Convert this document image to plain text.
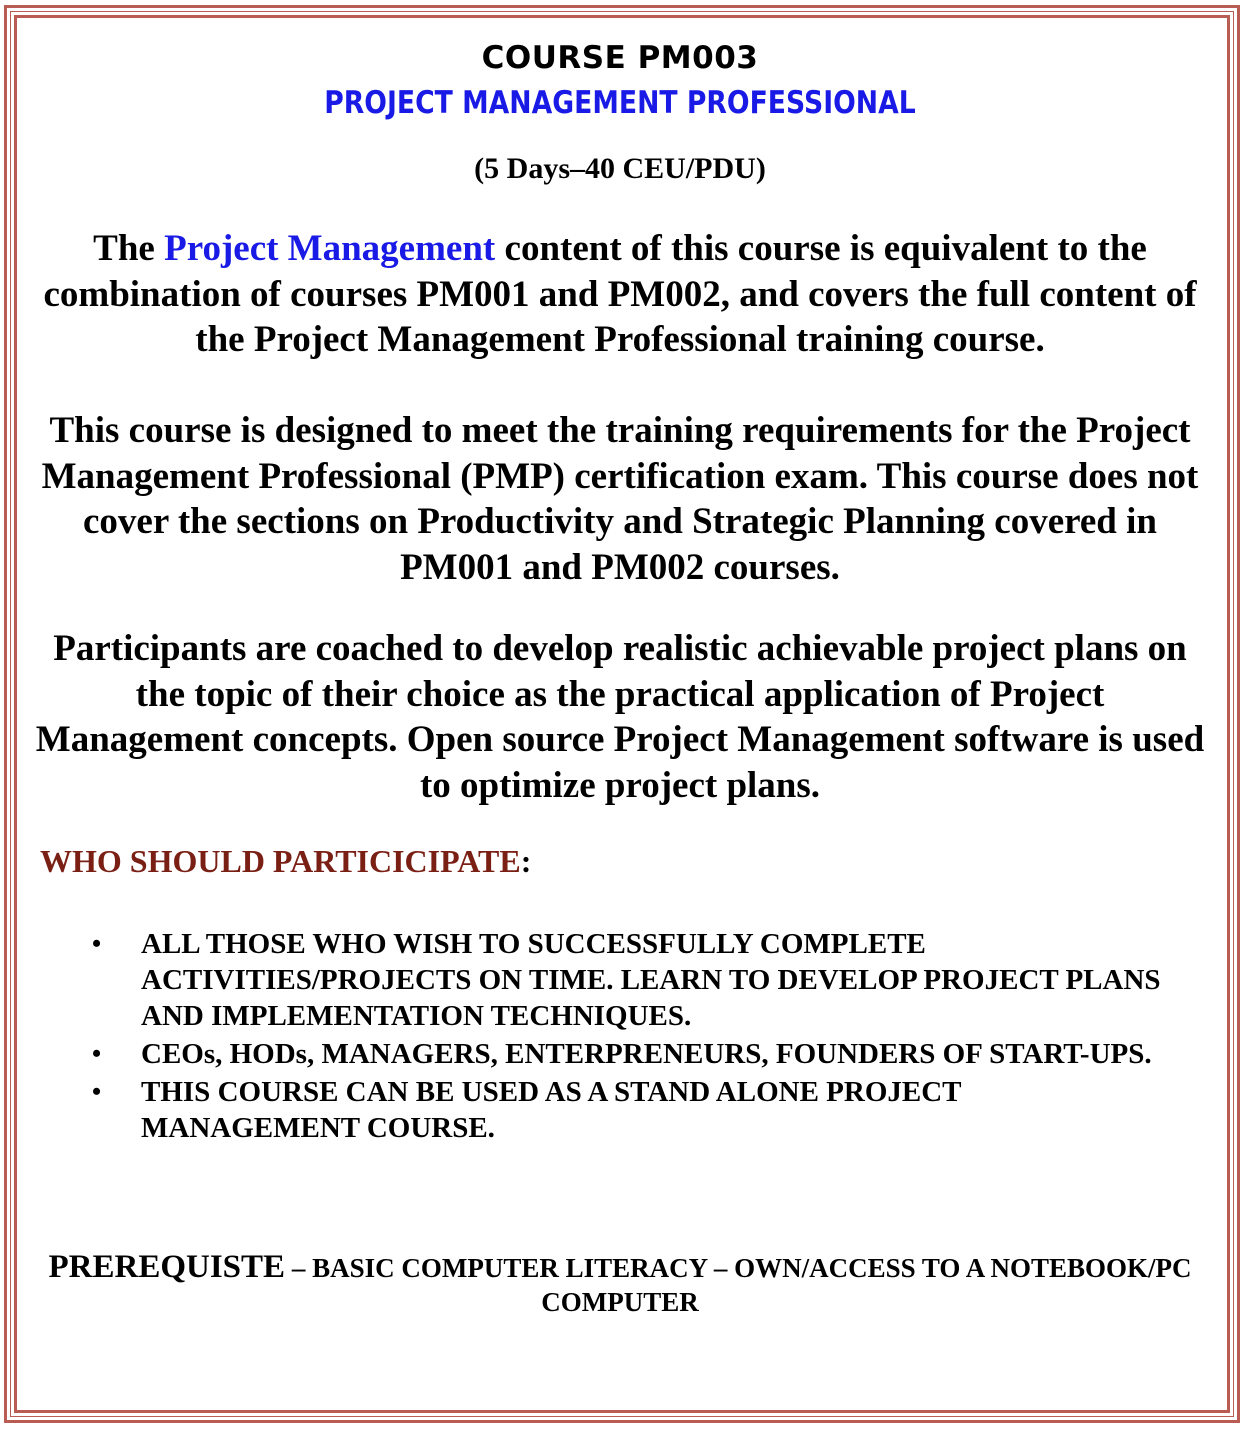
COURSE PM003
PROJECT MANAGEMENT PROFESSIONAL
(5 Days–40 CEU/PDU)
The Project Management content of this course is equivalent to the combination of courses PM001 and PM002, and covers the full content of the Project Management Professional training course.
This course is designed to meet the training requirements for the Project Management Professional (PMP) certification exam. This course does not cover the sections on Productivity and Strategic Planning covered in PM001 and PM002 courses.
Participants are coached to develop realistic achievable project plans on the topic of their choice as the practical application of Project Management concepts. Open source Project Management software is used to optimize project plans.
WHO SHOULD PARTICICIPATE:
• ALL THOSE WHO WISH TO SUCCESSFULLY COMPLETE ACTIVITIES/PROJECTS ON TIME. LEARN TO DEVELOP PROJECT PLANS AND IMPLEMENTATION TECHNIQUES.
• CEOs, HODs, MANAGERS, ENTERPRENEURS, FOUNDERS OF START-UPS.
• THIS COURSE CAN BE USED AS A STAND ALONE PROJECT MANAGEMENT COURSE.
PREREQUISTE – BASIC COMPUTER LITERACY – OWN/ACCESS TO A NOTEBOOK/PC COMPUTER
